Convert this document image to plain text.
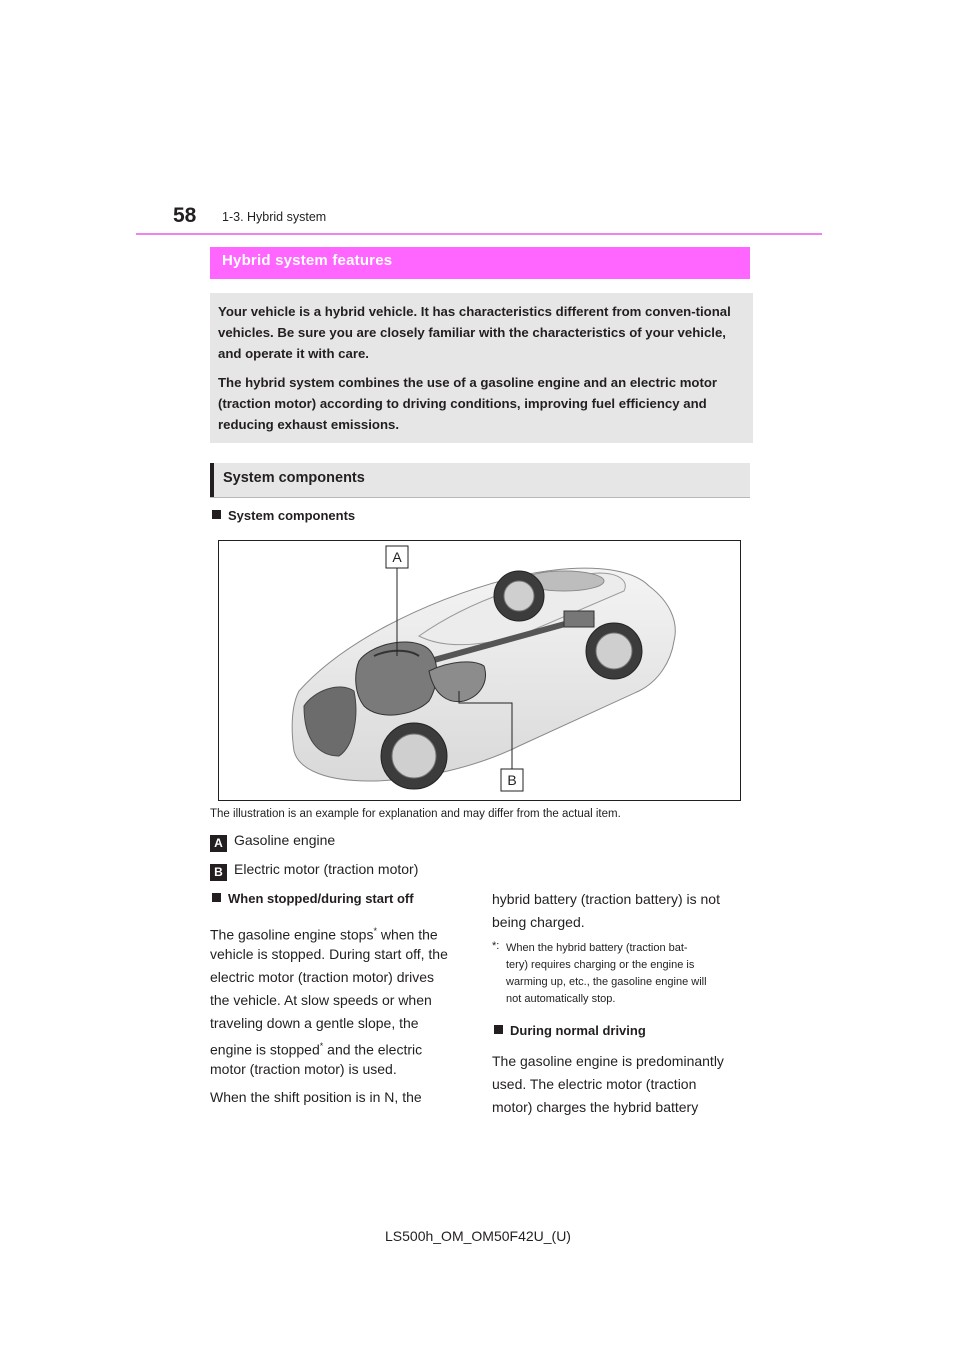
58 1-3. Hybrid system
Hybrid system features

Your vehicle is a hybrid vehicle. It has characteristics different from conven-tional vehicles. Be sure you are closely familiar with the characteristics of your vehicle, and operate it with care.

The hybrid system combines the use of a gasoline engine and an electric motor (traction motor) according to driving conditions, improving fuel efficiency and reducing exhaust emissions.

System components
System components
A
B
The illustration is an example for explanation and may differ from the actual item.
A Gasoline engine
B Electric motor (traction motor)
When stopped/during start off

The gasoline engine stops* when the

vehicle is stopped. During start off, the

electric motor (traction motor) drives

the vehicle. At slow speeds or when

traveling down a gentle slope, the

engine is stopped* and the electric

motor (traction motor) is used.

When the shift position is in N, the

hybrid battery (traction battery) is not

being charged.

*: When the hybrid battery (traction bat-

tery) requires charging or the engine is

warming up, etc., the gasoline engine will

not automatically stop.

During normal driving

The gasoline engine is predominantly

used. The electric motor (traction

motor) charges the hybrid battery

LS500h_OM_OM50F42U_(U)
